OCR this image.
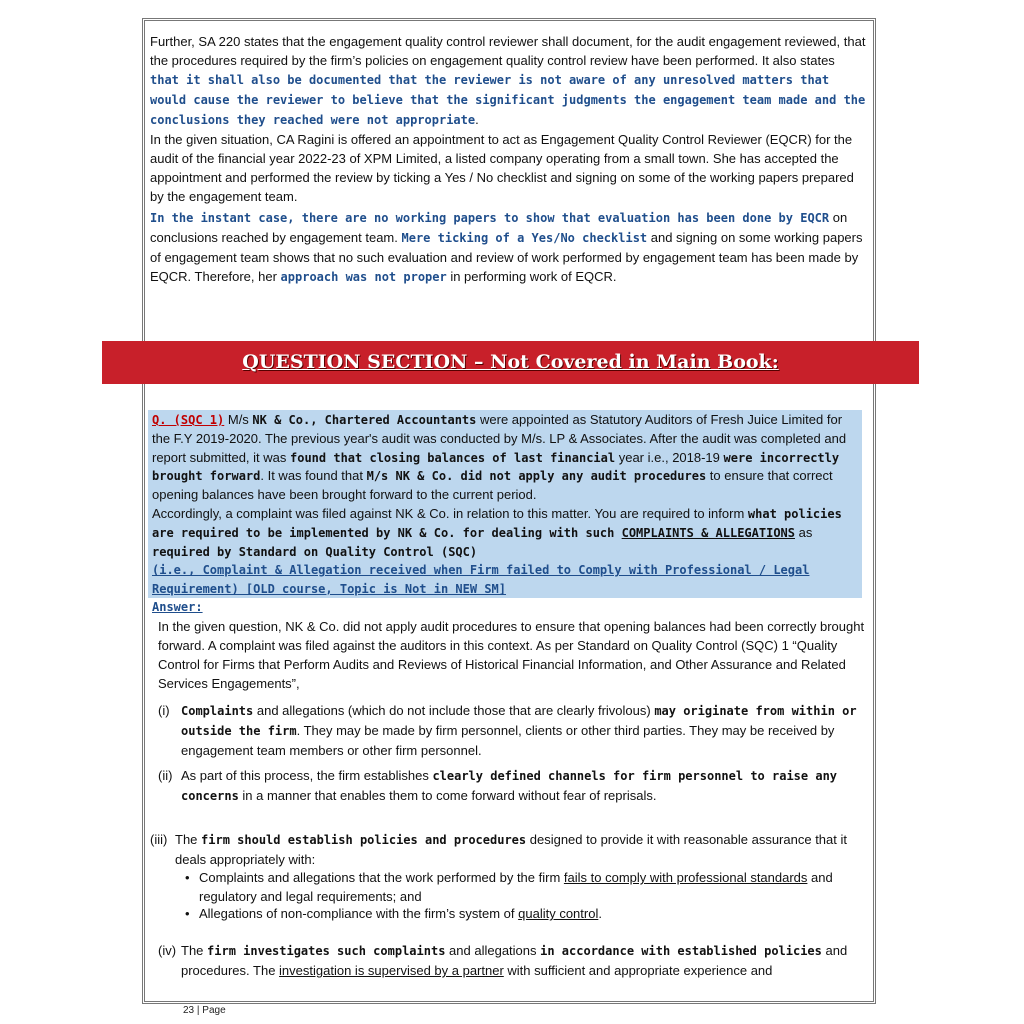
Further, SA 220 states that the engagement quality control reviewer shall document, for the audit engagement reviewed, that the procedures required by the firm’s policies on engagement quality control review have been performed. It also states that it shall also be documented that the reviewer is not aware of any unresolved matters that would cause the reviewer to believe that the significant judgments the engagement team made and the conclusions they reached were not appropriate.

In the given situation, CA Ragini is offered an appointment to act as Engagement Quality Control Reviewer (EQCR) for the audit of the financial year 2022-23 of XPM Limited, a listed company operating from a small town. She has accepted the appointment and performed the review by ticking a Yes / No checklist and signing on some of the working papers prepared by the engagement team.

In the instant case, there are no working papers to show that evaluation has been done by EQCR on conclusions reached by engagement team. Mere ticking of a Yes/No checklist and signing on some working papers of engagement team shows that no such evaluation and review of work performed by engagement team has been made by EQCR. Therefore, her approach was not proper in performing work of EQCR.

QUESTION SECTION – Not Covered in Main Book:

Q. (SQC 1) M/s NK & Co., Chartered Accountants were appointed as Statutory Auditors of Fresh Juice Limited for the F.Y 2019-2020. The previous year's audit was conducted by M/s. LP & Associates. After the audit was completed and report submitted, it was found that closing balances of last financial year i.e., 2018-19 were incorrectly brought forward. It was found that M/s NK & Co. did not apply any audit procedures to ensure that correct opening balances have been brought forward to the current period.
Accordingly, a complaint was filed against NK & Co. in relation to this matter. You are required to inform what policies are required to be implemented by NK & Co. for dealing with such COMPLAINTS & ALLEGATIONS as required by Standard on Quality Control (SQC)
(i.e., Complaint & Allegation received when Firm failed to Comply with Professional / Legal Requirement) [OLD course, Topic is Not in NEW SM]

Answer:

In the given question, NK & Co. did not apply audit procedures to ensure that opening balances had been correctly brought forward. A complaint was filed against the auditors in this context. As per Standard on Quality Control (SQC) 1 “Quality Control for Firms that Perform Audits and Reviews of Historical Financial Information, and Other Assurance and Related Services Engagements”,

(i) Complaints and allegations (which do not include those that are clearly frivolous) may originate from within or outside the firm. They may be made by firm personnel, clients or other third parties. They may be received by engagement team members or other firm personnel.

(ii) As part of this process, the firm establishes clearly defined channels for firm personnel to raise any concerns in a manner that enables them to come forward without fear of reprisals.

(iii) The firm should establish policies and procedures designed to provide it with reasonable assurance that it deals appropriately with:

• Complaints and allegations that the work performed by the firm fails to comply with professional standards and regulatory and legal requirements; and

• Allegations of non-compliance with the firm’s system of quality control.

(iv) The firm investigates such complaints and allegations in accordance with established policies and procedures. The investigation is supervised by a partner with sufficient and appropriate experience and

23 | Page
